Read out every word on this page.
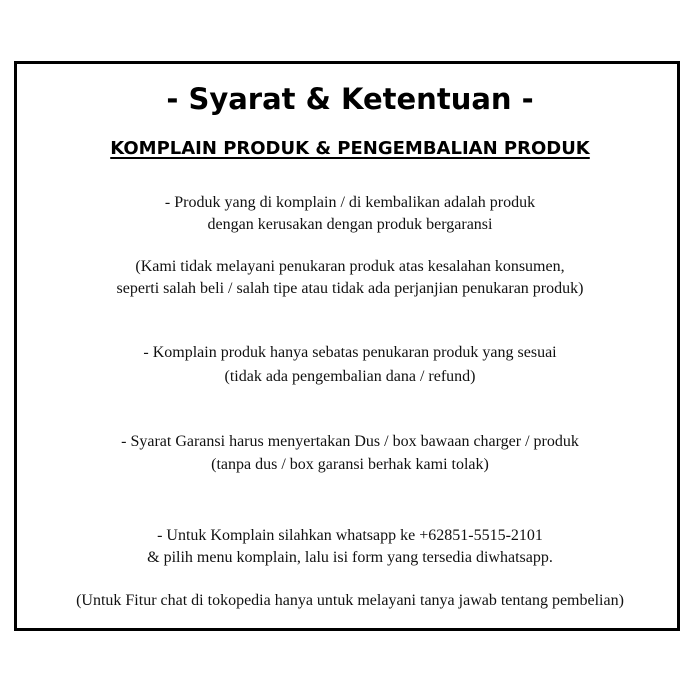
- Syarat & Ketentuan -
KOMPLAIN PRODUK & PENGEMBALIAN PRODUK
- Produk yang di komplain / di kembalikan adalah produk
dengan kerusakan dengan produk bergaransi
(Kami tidak melayani penukaran produk atas kesalahan konsumen,
seperti salah beli / salah tipe atau tidak ada perjanjian penukaran produk)
- Komplain produk hanya sebatas penukaran produk yang sesuai
(tidak ada pengembalian dana / refund)
- Syarat Garansi harus menyertakan Dus / box bawaan charger / produk
(tanpa dus / box garansi berhak kami tolak)
- Untuk Komplain silahkan whatsapp ke +62851-5515-2101
& pilih menu komplain, lalu isi form yang tersedia diwhatsapp.
(Untuk Fitur chat di tokopedia hanya untuk melayani tanya jawab tentang pembelian)
